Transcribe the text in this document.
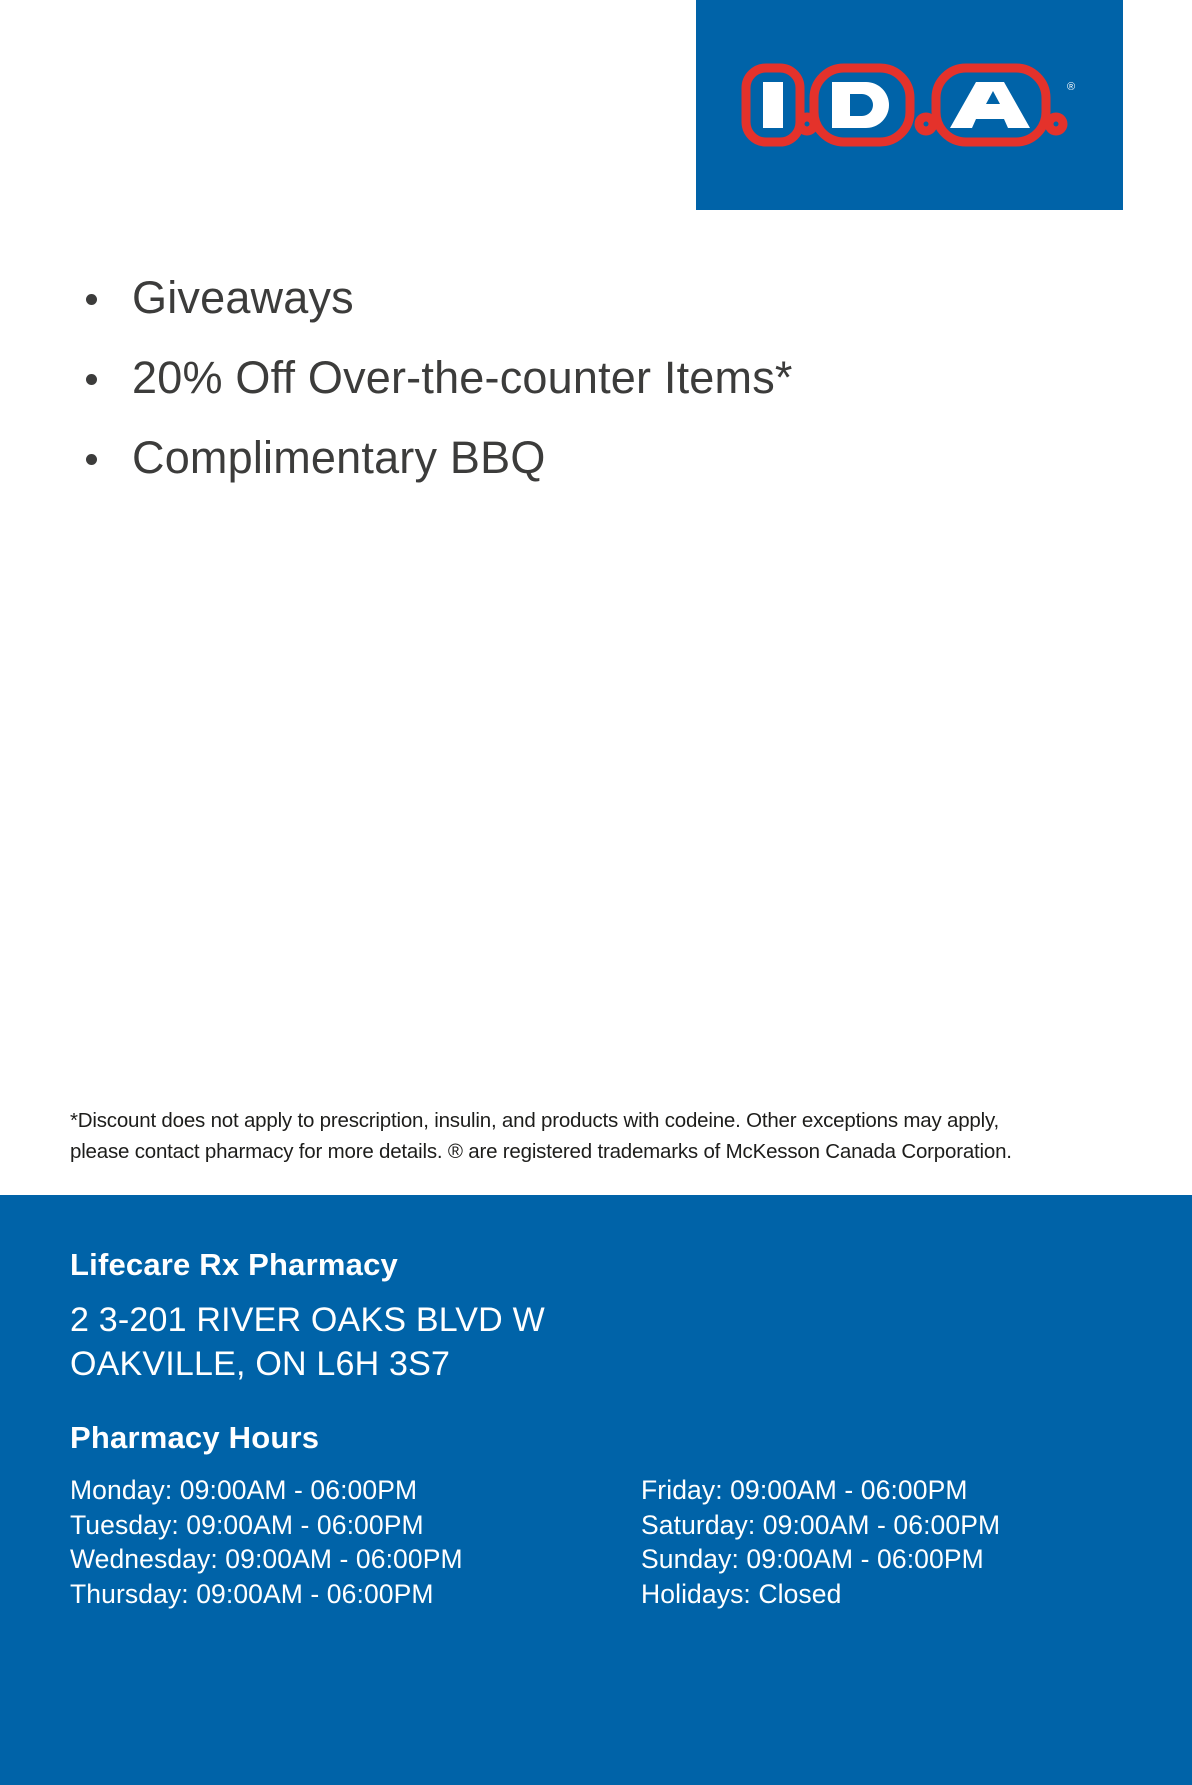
®
Giveaways
20% Off Over-the-counter Items*
Complimentary BBQ
*Discount does not apply to prescription, insulin, and products with codeine. Other exceptions may apply,
please contact pharmacy for more details. ® are registered trademarks of McKesson Canada Corporation.
Lifecare Rx Pharmacy
2 3-201 RIVER OAKS BLVD W
OAKVILLE, ON L6H 3S7
Pharmacy Hours
Monday: 09:00AM - 06:00PM
Tuesday: 09:00AM - 06:00PM
Wednesday: 09:00AM - 06:00PM
Thursday: 09:00AM - 06:00PM
Friday: 09:00AM - 06:00PM
Saturday: 09:00AM - 06:00PM
Sunday: 09:00AM - 06:00PM
Holidays: Closed
